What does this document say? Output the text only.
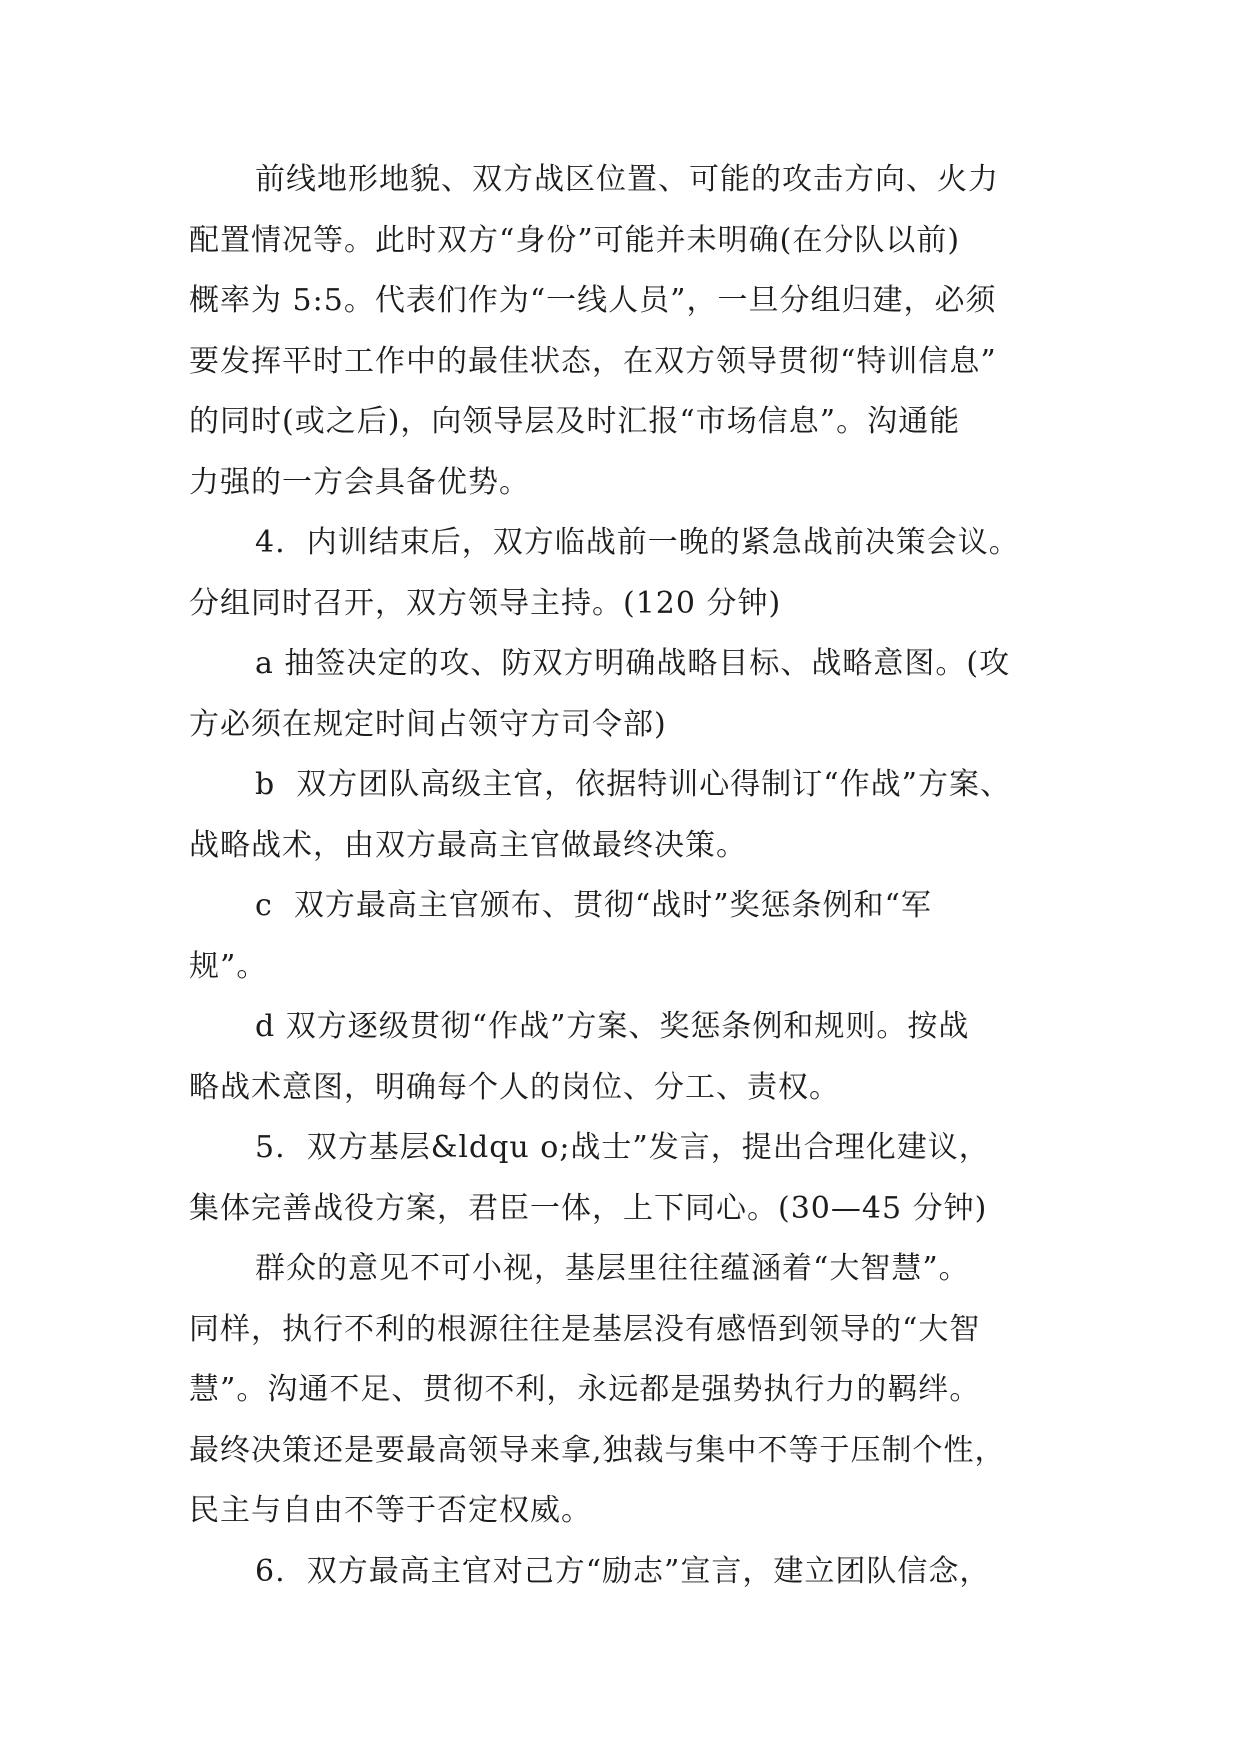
前线地形地貌、双方战区位置、可能的攻击方向、火力
配置情况等。此时双方“身份”可能并未明确(在分队以前)
概率为 5:5。代表们作为“一线人员”，一旦分组归建，必须
要发挥平时工作中的最佳状态，在双方领导贯彻“特训信息”
的同时(或之后)，向领导层及时汇报“市场信息”。沟通能
力强的一方会具备优势。
4.  内训结束后，双方临战前一晚的紧急战前决策会议。
分组同时召开，双方领导主持。(120 分钟)
a 抽签决定的攻、防双方明确战略目标、战略意图。(攻
方必须在规定时间占领守方司令部)
b  双方团队高级主官，依据特训心得制订“作战”方案、
战略战术，由双方最高主官做最终决策。
c  双方最高主官颁布、贯彻“战时”奖惩条例和“军
规”。
d 双方逐级贯彻“作战”方案、奖惩条例和规则。按战
略战术意图，明确每个人的岗位、分工、责权。
5.  双方基层&ldqu o;战士”发言，提出合理化建议，
集体完善战役方案，君臣一体，上下同心。(30—45 分钟)
群众的意见不可小视，基层里往往蕴涵着“大智慧”。
同样，执行不利的根源往往是基层没有感悟到领导的“大智
慧”。沟通不足、贯彻不利，永远都是强势执行力的羁绊。
最终决策还是要最高领导来拿,独裁与集中不等于压制个性，
民主与自由不等于否定权威。
6.  双方最高主官对己方“励志”宣言，建立团队信念，
